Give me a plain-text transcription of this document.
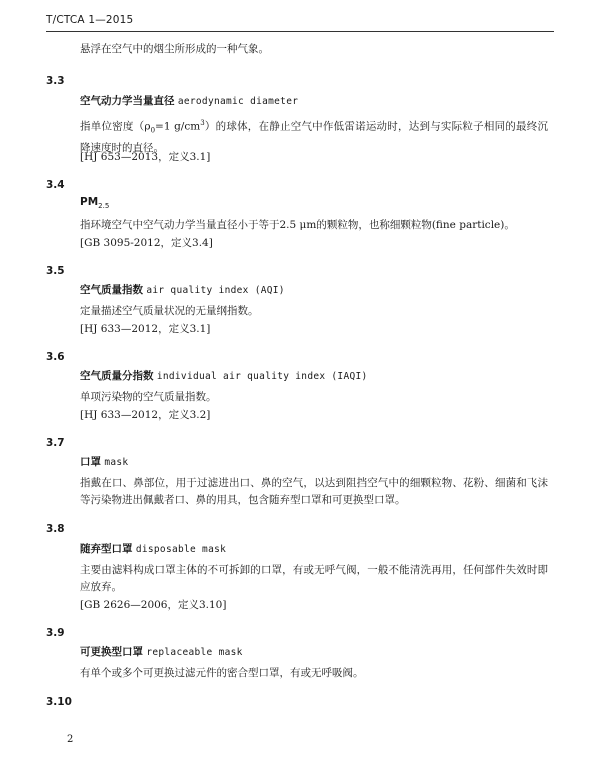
T/CTCA 1—2015
悬浮在空气中的烟尘所形成的一种气象。
3.3
空气动力学当量直径 aerodynamic diameter
指单位密度（$\rho_0=1$ $g/cm^3$）的球体，在静止空气中作低雷诺运动时，达到与实际粒子相同的最终沉降速度时的直径。
[HJ 653—2013，定义3.1]
3.4
$PM_{2.5}$
指环境空气中空气动力学当量直径小于等于2.5 μm的颗粒物，也称细颗粒物(fine particle)。
[GB 3095-2012，定义3.4]
3.5
空气质量指数 air quality index (AQI)
定量描述空气质量状况的无量纲指数。
[HJ 633—2012，定义3.1]
3.6
空气质量分指数 individual air quality index (IAQI)
单项污染物的空气质量指数。
[HJ 633—2012，定义3.2]
3.7
口罩 mask
指戴在口、鼻部位，用于过滤进出口、鼻的空气，以达到阻挡空气中的细颗粒物、花粉、细菌和飞沫等污染物进出佩戴者口、鼻的用具，包含随弃型口罩和可更换型口罩。
3.8
随弃型口罩 disposable mask
主要由滤料构成口罩主体的不可拆卸的口罩，有或无呼气阀，一般不能清洗再用，任何部件失效时即应放弃。
[GB 2626—2006，定义3.10]
3.9
可更换型口罩 replaceable mask
有单个或多个可更换过滤元件的密合型口罩，有或无呼吸阀。
3.10
2
